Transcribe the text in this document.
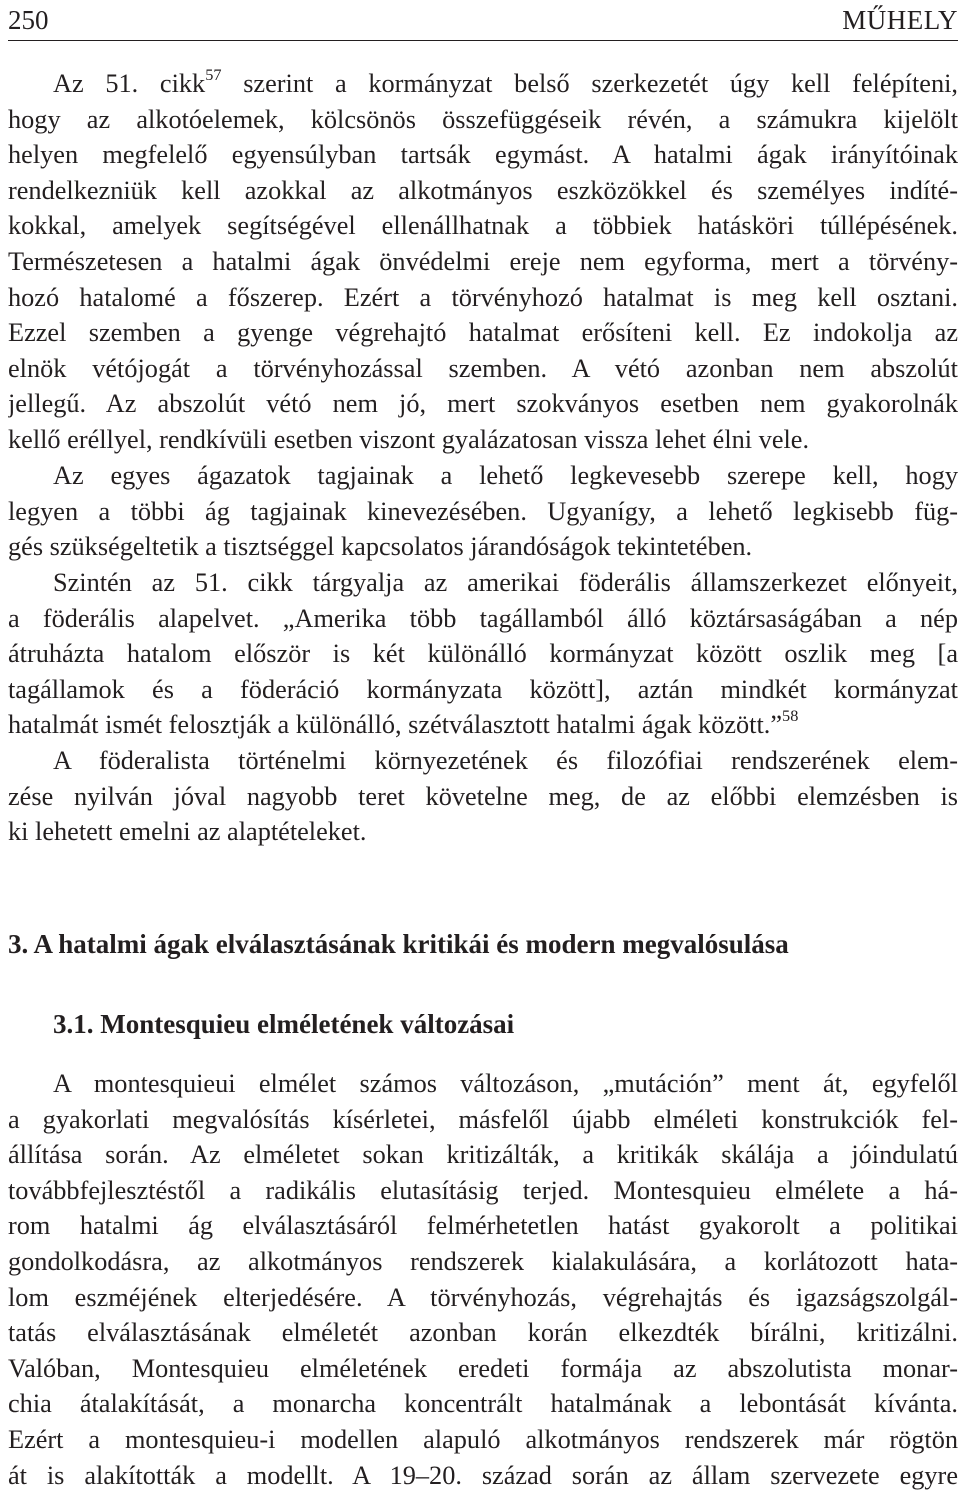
250	MŰHELY
Az 51. cikk$^{57}$ szerint a kormányzat belső szerkezetét úgy kell felépíteni,
hogy az alkotóelemek, kölcsönös összefüggéseik révén, a számukra kijelölt
helyen megfelelő egyensúlyban tartsák egymást. A hatalmi ágak irányítóinak
rendelkezniük kell azokkal az alkotmányos eszközökkel és személyes indíté-
kokkal, amelyek segítségével ellenállhatnak a többiek hatásköri túllépésének.
Természetesen a hatalmi ágak önvédelmi ereje nem egyforma, mert a törvény-
hozó hatalomé a főszerep. Ezért a törvényhozó hatalmat is meg kell osztani.
Ezzel szemben a gyenge végrehajtó hatalmat erősíteni kell. Ez indokolja az
elnök vétójogát a törvényhozással szemben. A vétó azonban nem abszolút
jellegű. Az abszolút vétó nem jó, mert szokványos esetben nem gyakorolnák
kellő eréllyel, rendkívüli esetben viszont gyalázatosan vissza lehet élni vele.
Az egyes ágazatok tagjainak a lehető legkevesebb szerepe kell, hogy
legyen a többi ág tagjainak kinevezésében. Ugyanígy, a lehető legkisebb füg-
gés szükségeltetik a tisztséggel kapcsolatos járandóságok tekintetében.
Szintén az 51. cikk tárgyalja az amerikai föderális államszerkezet előnyeit,
a föderális alapelvet. „Amerika több tagállamból álló köztársaságában a nép
átruházta hatalom először is két különálló kormányzat között oszlik meg [a
tagállamok és a föderáció kormányzata között], aztán mindkét kormányzat
hatalmát ismét felosztják a különálló, szétválasztott hatalmi ágak között.”$^{58}$
A föderalista történelmi környezetének és filozófiai rendszerének elem-
zése nyilván jóval nagyobb teret követelne meg, de az előbbi elemzésben is
ki lehetett emelni az alaptételeket.
3. A hatalmi ágak elválasztásának kritikái és modern megvalósulása
3.1. Montesquieu elméletének változásai
A montesquieui elmélet számos változáson, „mutáción” ment át, egyfelől
a gyakorlati megvalósítás kísérletei, másfelől újabb elméleti konstrukciók fel-
állítása során. Az elméletet sokan kritizálták, a kritikák skálája a jóindulatú
továbbfejlesztéstől a radikális elutasításig terjed. Montesquieu elmélete a há-
rom hatalmi ág elválasztásáról felmérhetetlen hatást gyakorolt a politikai
gondolkodásra, az alkotmányos rendszerek kialakulására, a korlátozott hata-
lom eszméjének elterjedésére. A törvényhozás, végrehajtás és igazságszolgál-
tatás elválasztásának elméletét azonban korán elkezdték bírálni, kritizálni.
Valóban, Montesquieu elméletének eredeti formája az abszolutista monar-
chia átalakítását, a monarcha koncentrált hatalmának a lebontását kívánta.
Ezért a montesquieu-i modellen alapuló alkotmányos rendszerek már rögtön
át is alakították a modellt. A 19–20. század során az állam szervezete egyre
